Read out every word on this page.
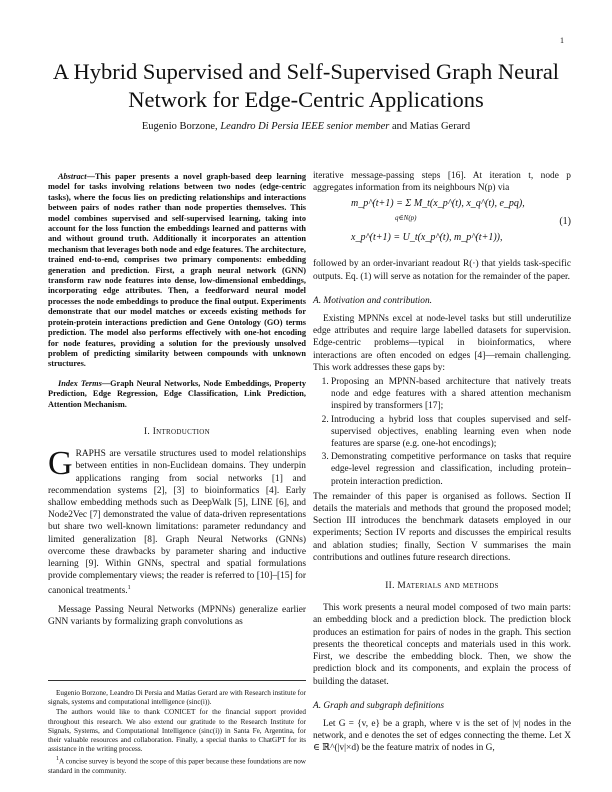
1
A Hybrid Supervised and Self-Supervised Graph Neural Network for Edge-Centric Applications
Eugenio Borzone, Leandro Di Persia IEEE senior member and Matias Gerard

Abstract—This paper presents a novel graph-based deep learning model for tasks involving relations between two nodes (edge-centric tasks), where the focus lies on predicting relationships and interactions between pairs of nodes rather than node properties themselves. This model combines supervised and self-supervised learning, taking into account for the loss function the embeddings learned and patterns with and without ground truth. Additionally it incorporates an attention mechanism that leverages both node and edge features. The architecture, trained end-to-end, comprises two primary components: embedding generation and prediction. First, a graph neural network (GNN) transform raw node features into dense, low-dimensional embeddings, incorporating edge attributes. Then, a feedforward neural model processes the node embeddings to produce the final output. Experiments demonstrate that our model matches or exceeds existing methods for protein-protein interactions prediction and Gene Ontology (GO) terms prediction. The model also performs effectively with one-hot encoding for node features, providing a solution for the previously unsolved problem of predicting similarity between compounds with unknown structures.

Index Terms—Graph Neural Networks, Node Embeddings, Property Prediction, Edge Regression, Edge Classification, Link Prediction, Attention Mechanism.

I. Introduction

GRAPHS are versatile structures used to model relationships between entities in non-Euclidean domains. They underpin applications ranging from social networks [1] and recommendation systems [2], [3] to bioinformatics [4]. Early shallow embedding methods such as DeepWalk [5], LINE [6], and Node2Vec [7] demonstrated the value of data-driven representations but share two well-known limitations: parameter redundancy and limited generalization [8]. Graph Neural Networks (GNNs) overcome these drawbacks by parameter sharing and inductive learning [9]. Within GNNs, spectral and spatial formulations provide complementary views; the reader is referred to [10]–[15] for canonical treatments.$^1$

Message Passing Neural Networks (MPNNs) generalize earlier GNN variants by formalizing graph convolutions as

Eugenio Borzone, Leandro Di Persia and Matías Gerard are with Research institute for signals, systems and computational intelligence (sinc(i)).

The authors would like to thank CONICET for the financial support provided throughout this research. We also extend our gratitude to the Research Institute for Signals, Systems, and Computational Intelligence (sinc(i)) in Santa Fe, Argentina, for their valuable resources and collaboration. Finally, a special thanks to ChatGPT for its assistance in the writing process.

$^1$A concise survey is beyond the scope of this paper because these foundations are now standard in the community.

iterative message-passing steps [16]. At iteration t, node p aggregates information from its neighbours N(p) via

m_p^(t+1) = Σ M_t(x_p^(t), x_q^(t), e_pq),
q∈N(p)
x_p^(t+1) = U_t(x_p^(t), m_p^(t+1)),
(1)

followed by an order-invariant readout R(·) that yields task-specific outputs. Eq. (1) will serve as notation for the remainder of the paper.

A. Motivation and contribution.

Existing MPNNs excel at node-level tasks but still underutilize edge attributes and require large labelled datasets for supervision. Edge-centric problems—typical in bioinformatics, where interactions are often encoded on edges [4]—remain challenging. This work addresses these gaps by:

1. Proposing an MPNN-based architecture that natively treats node and edge features with a shared attention mechanism inspired by transformers [17];
2. Introducing a hybrid loss that couples supervised and self-supervised objectives, enabling learning even when node features are sparse (e.g. one-hot encodings);
3. Demonstrating competitive performance on tasks that require edge-level regression and classification, including protein–protein interaction prediction.

The remainder of this paper is organised as follows. Section II details the materials and methods that ground the proposed model; Section III introduces the benchmark datasets employed in our experiments; Section IV reports and discusses the empirical results and ablation studies; finally, Section V summarises the main contributions and outlines future research directions.

II. Materials and methods

This work presents a neural model composed of two main parts: an embedding block and a prediction block. The prediction block produces an estimation for pairs of nodes in the graph. This section presents the theoretical concepts and materials used in this work. First, we describe the embedding block. Then, we show the prediction block and its components, and explain the process of building the dataset.

A. Graph and subgraph definitions

Let G = {v, e} be a graph, where v is the set of |v| nodes in the network, and e denotes the set of edges connecting the theme. Let X ∈ ℝ^(|v|×d) be the feature matrix of nodes in G,
